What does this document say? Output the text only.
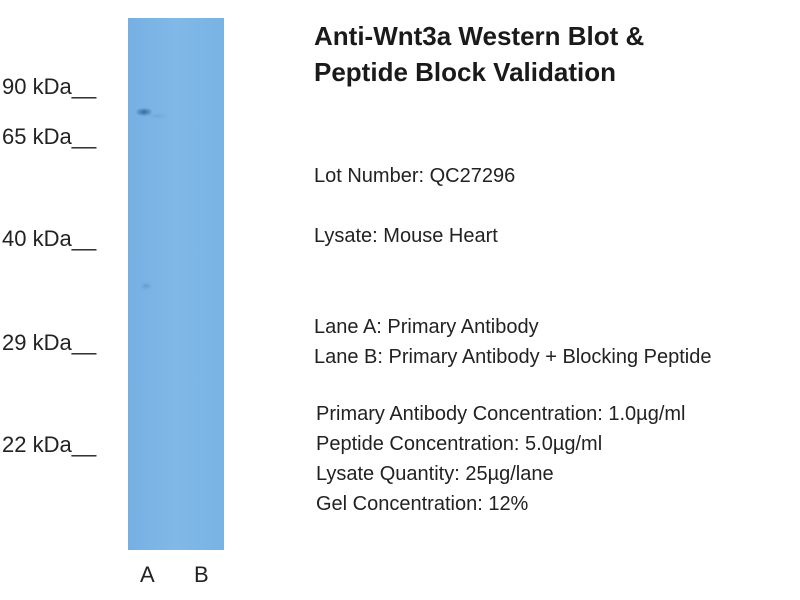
90 kDa__
65 kDa__
40 kDa__
29 kDa__
22 kDa__
A B
Anti-Wnt3a Western Blot &
Peptide Block Validation
Lot Number: QC27296
Lysate: Mouse Heart
Lane A: Primary Antibody
Lane B: Primary Antibody + Blocking Peptide
Primary Antibody Concentration: 1.0µg/ml
Peptide Concentration: 5.0µg/ml
Lysate Quantity: 25µg/lane
Gel Concentration: 12%
